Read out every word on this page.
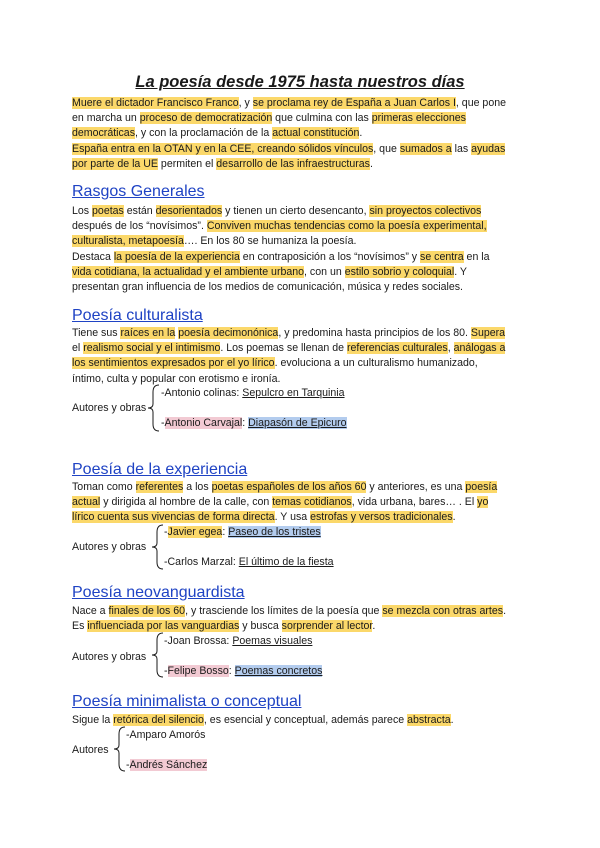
La poesía desde 1975 hasta nuestros días

Muere el dictador Francisco Franco, y se proclama rey de España a Juan Carlos I, que pone
en marcha un proceso de democratización que culmina con las primeras elecciones
democráticas, y con la proclamación de la actual constitución.
España entra en la OTAN y en la CEE, creando sólidos vínculos, que sumados a las ayudas
por parte de la UE permiten el desarrollo de las infraestructuras.

Rasgos Generales

Los poetas están desorientados y tienen un cierto desencanto, sin proyectos colectivos
después de los “novísimos”. Conviven muchas tendencias como la poesía experimental,
culturalista, metapoesía…. En los 80 se humaniza la poesía.
Destaca la poesía de la experiencia en contraposición a los “novísimos” y se centra en la
vida cotidiana, la actualidad y el ambiente urbano, con un estilo sobrio y coloquial. Y
presentan gran influencia de los medios de comunicación, música y redes sociales.

Poesía culturalista

Tiene sus raíces en la poesía decimonónica, y predomina hasta principios de los 80. Supera
el realismo social y el intimismo. Los poemas se llenan de referencias culturales, análogas a
los sentimientos expresados por el yo lírico. evoluciona a un culturalismo humanizado,
íntimo, culta y popular con erotismo e ironía.

Autores y obras
-Antonio colinas: Sepulcro en Tarquinia
-Antonio Carvajal: Diapasón de Epicuro
Poesía de la experiencia

Toman como referentes a los poetas españoles de los años 60 y anteriores, es una poesía
actual y dirigida al hombre de la calle, con temas cotidianos, vida urbana, bares… . El yo
lírico cuenta sus vivencias de forma directa. Y usa estrofas y versos tradicionales.

Autores y obras
-Javier egea: Paseo de los tristes
-Carlos Marzal: El último de la fiesta
Poesía neovanguardista

Nace a finales de los 60, y trasciende los límites de la poesía que se mezcla con otras artes.
Es influenciada por las vanguardias y busca sorprender al lector.

Autores y obras
-Joan Brossa: Poemas visuales
-Felipe Bosso: Poemas concretos
Poesía minimalista o conceptual

Sigue la retórica del silencio, es esencial y conceptual, además parece abstracta.

Autores
-Amparo Amorós
-Andrés Sánchez
